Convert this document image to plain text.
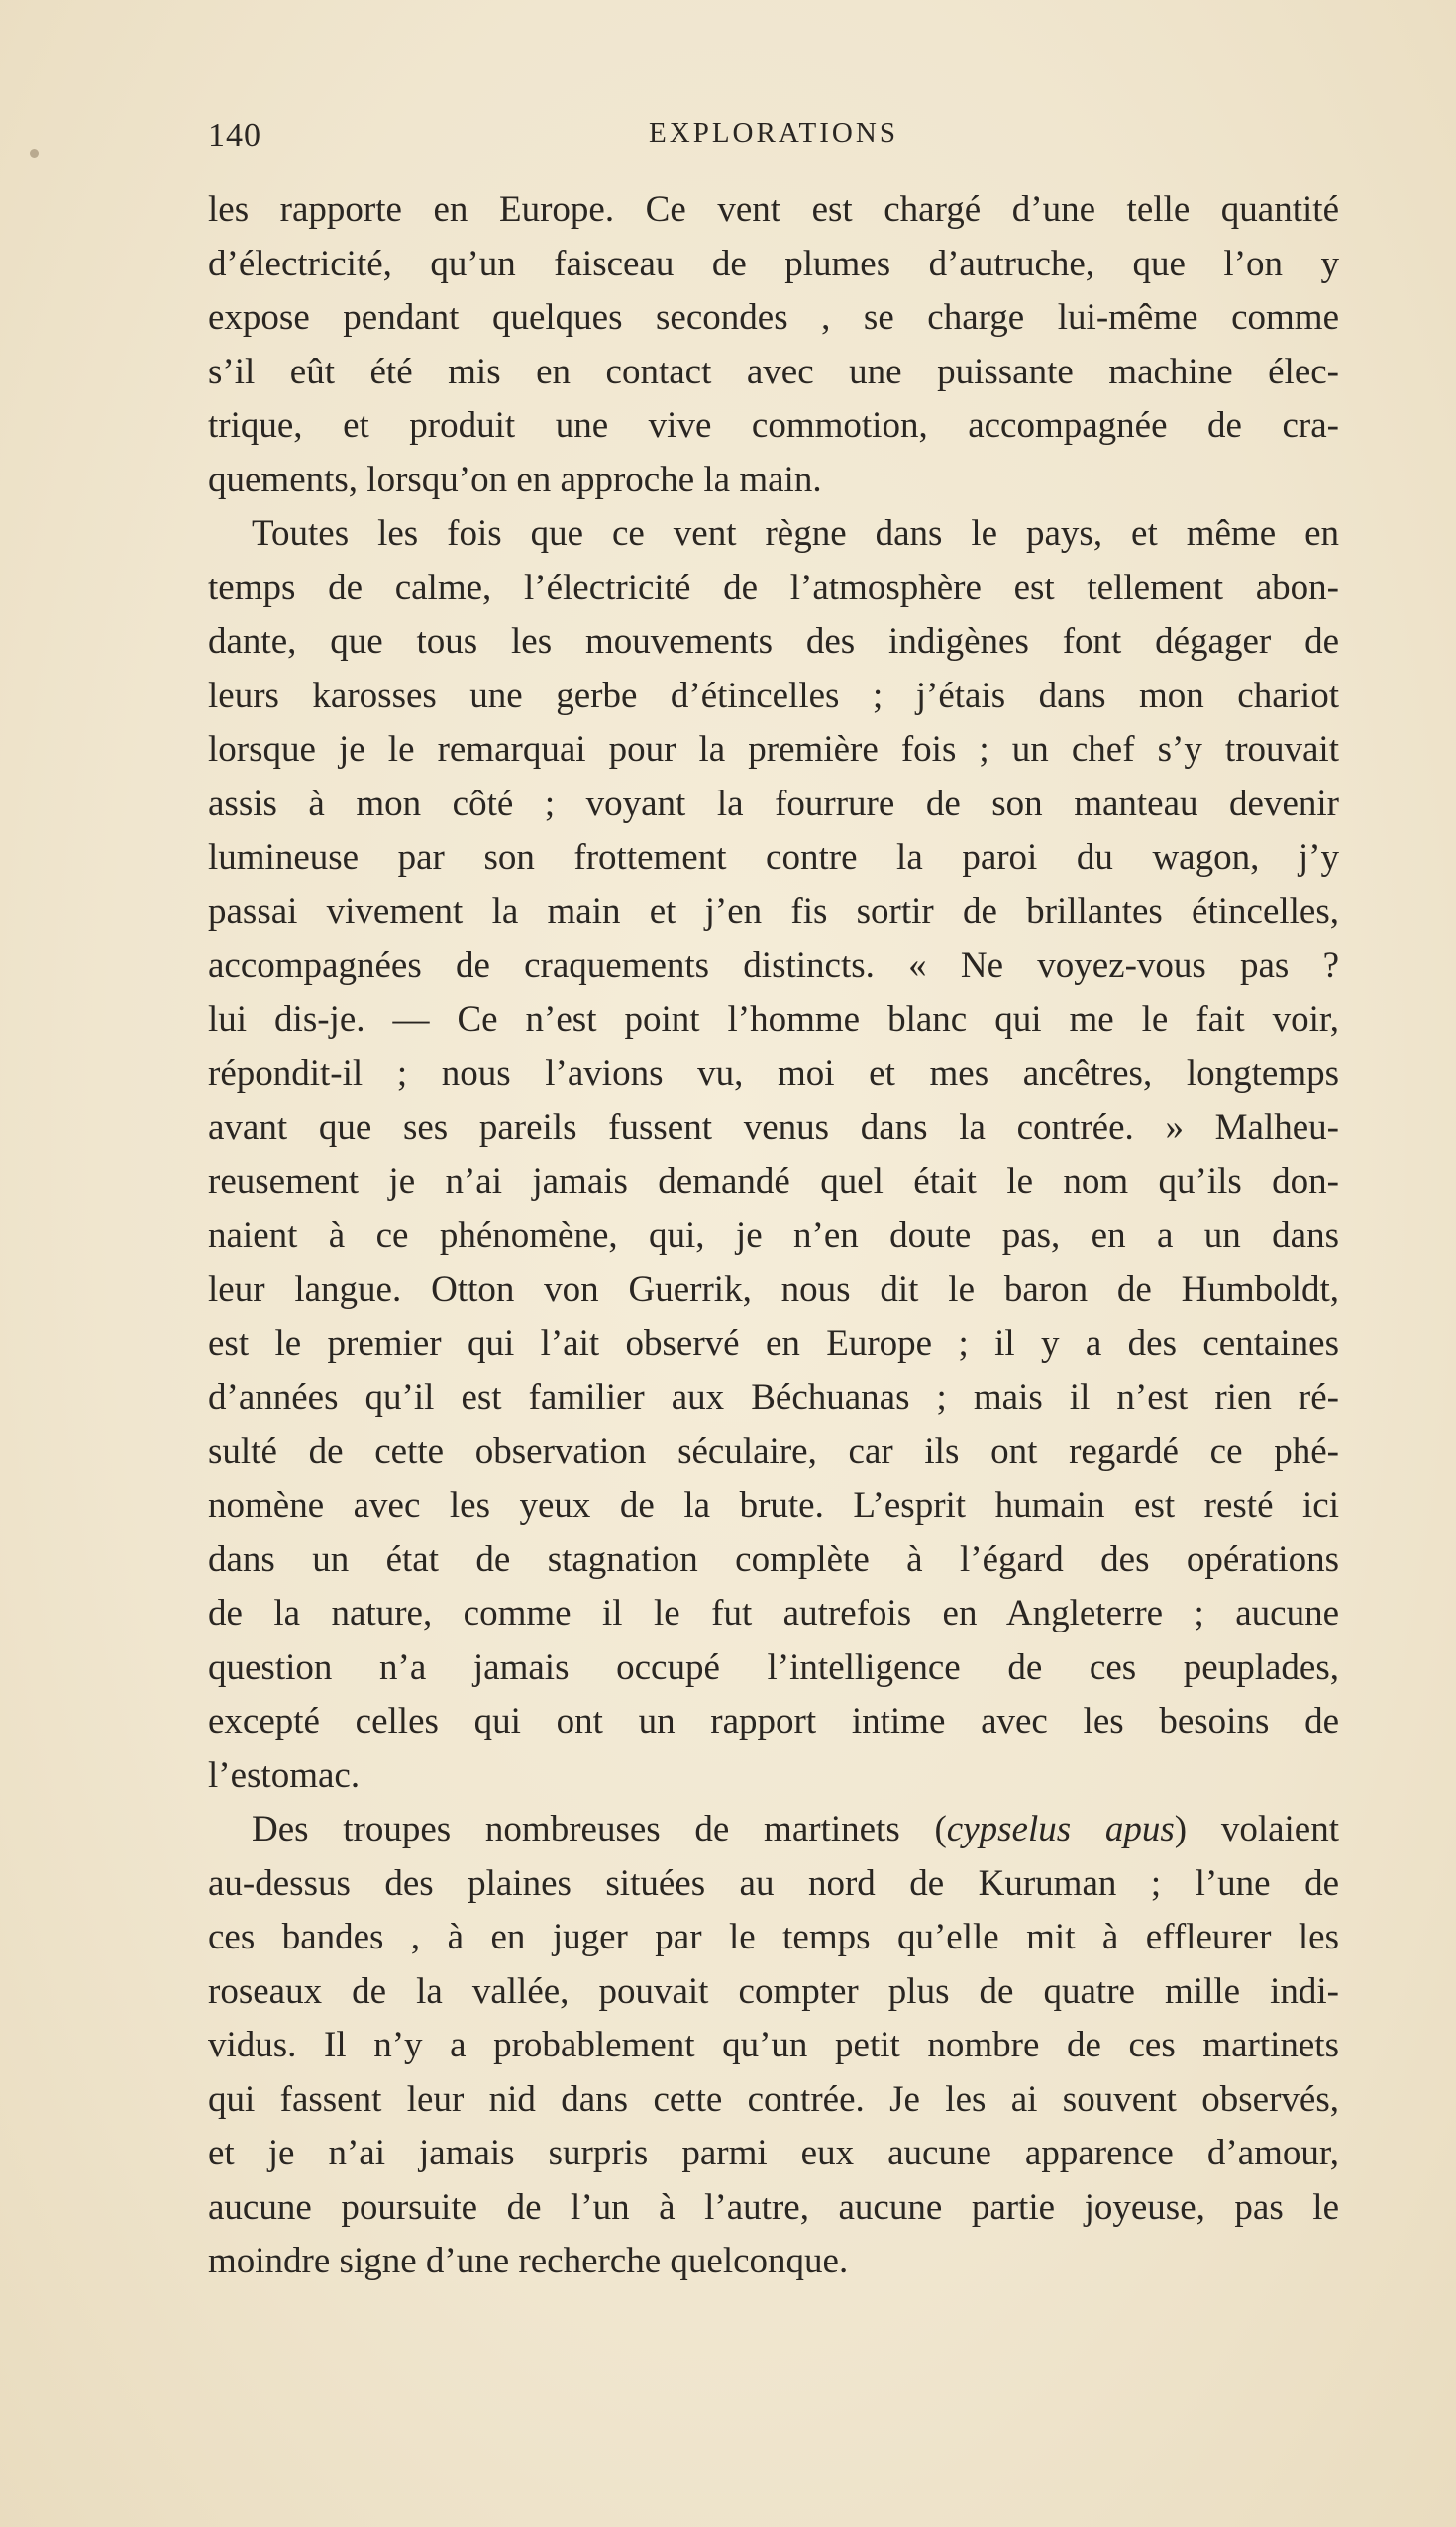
140	EXPLORATIONS
les rapporte en Europe. Ce vent est chargé d’une telle quantité
d’électricité, qu’un faisceau de plumes d’autruche, que l’on y
expose pendant quelques secondes , se charge lui-même comme
s’il eût été mis en contact avec une puissante machine élec-
trique, et produit une vive commotion, accompagnée de cra-
quements, lorsqu’on en approche la main.
Toutes les fois que ce vent règne dans le pays, et même en
temps de calme, l’électricité de l’atmosphère est tellement abon-
dante, que tous les mouvements des indigènes font dégager de
leurs karosses une gerbe d’étincelles ; j’étais dans mon chariot
lorsque je le remarquai pour la première fois ; un chef s’y trouvait
assis à mon côté ; voyant la fourrure de son manteau devenir
lumineuse par son frottement contre la paroi du wagon, j’y
passai vivement la main et j’en fis sortir de brillantes étincelles,
accompagnées de craquements distincts. « Ne voyez-vous pas ?
lui dis-je. — Ce n’est point l’homme blanc qui me le fait voir,
répondit-il ; nous l’avions vu, moi et mes ancêtres, longtemps
avant que ses pareils fussent venus dans la contrée. » Malheu-
reusement je n’ai jamais demandé quel était le nom qu’ils don-
naient à ce phénomène, qui, je n’en doute pas, en a un dans
leur langue. Otton von Guerrik, nous dit le baron de Humboldt,
est le premier qui l’ait observé en Europe ; il y a des centaines
d’années qu’il est familier aux Béchuanas ; mais il n’est rien ré-
sulté de cette observation séculaire, car ils ont regardé ce phé-
nomène avec les yeux de la brute. L’esprit humain est resté ici
dans un état de stagnation complète à l’égard des opérations
de la nature, comme il le fut autrefois en Angleterre ; aucune
question n’a jamais occupé l’intelligence de ces peuplades,
excepté celles qui ont un rapport intime avec les besoins de
l’estomac.
Des troupes nombreuses de martinets (cypselus apus) volaient
au-dessus des plaines situées au nord de Kuruman ; l’une de
ces bandes , à en juger par le temps qu’elle mit à effleurer les
roseaux de la vallée, pouvait compter plus de quatre mille indi-
vidus. Il n’y a probablement qu’un petit nombre de ces martinets
qui fassent leur nid dans cette contrée. Je les ai souvent observés,
et je n’ai jamais surpris parmi eux aucune apparence d’amour,
aucune poursuite de l’un à l’autre, aucune partie joyeuse, pas le
moindre signe d’une recherche quelconque.
